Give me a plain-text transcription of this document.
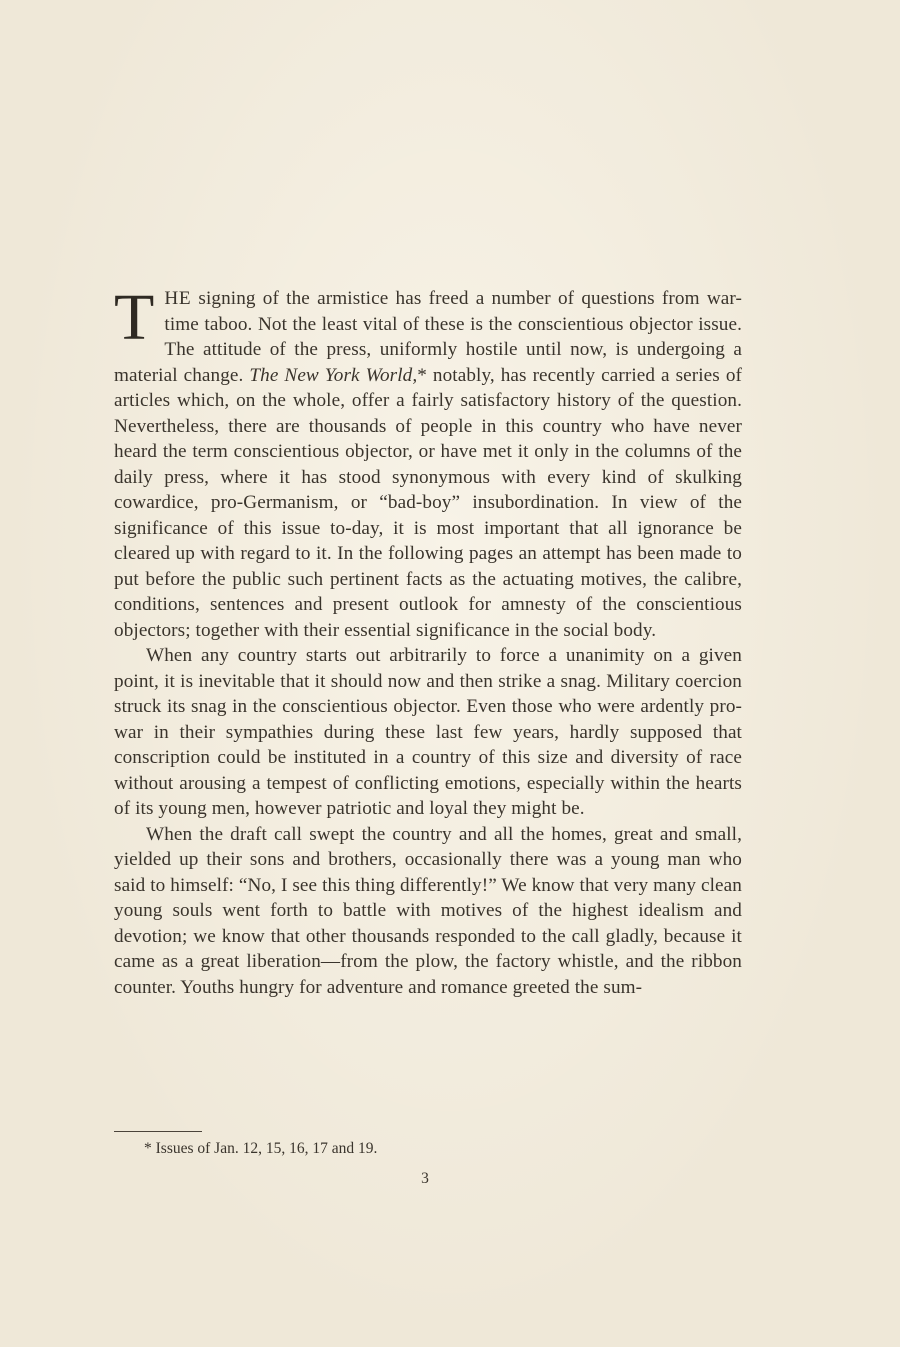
THE signing of the armistice has freed a number of questions from war-time taboo. Not the least vital of these is the conscientious objector issue. The attitude of the press, uniformly hostile until now, is undergoing a material change. The New York World,* notably, has recently carried a series of articles which, on the whole, offer a fairly satisfactory history of the question. Nevertheless, there are thousands of people in this country who have never heard the term conscientious objector, or have met it only in the columns of the daily press, where it has stood synonymous with every kind of skulking cowardice, pro-Germanism, or “bad-boy” insubordination. In view of the significance of this issue to-day, it is most important that all ignorance be cleared up with regard to it. In the following pages an attempt has been made to put before the public such pertinent facts as the actuating motives, the calibre, conditions, sentences and present outlook for amnesty of the conscientious objectors; together with their essential significance in the social body.

When any country starts out arbitrarily to force a unanimity on a given point, it is inevitable that it should now and then strike a snag. Military coercion struck its snag in the conscientious objector. Even those who were ardently pro-war in their sympathies during these last few years, hardly supposed that conscription could be instituted in a country of this size and diversity of race without arousing a tempest of conflicting emotions, especially within the hearts of its young men, however patriotic and loyal they might be.

When the draft call swept the country and all the homes, great and small, yielded up their sons and brothers, occasionally there was a young man who said to himself: “No, I see this thing differently!” We know that very many clean young souls went forth to battle with motives of the highest idealism and devotion; we know that other thousands responded to the call gladly, because it came as a great liberation—from the plow, the factory whistle, and the ribbon counter. Youths hungry for adventure and romance greeted the sum-

* Issues of Jan. 12, 15, 16, 17 and 19.
3
